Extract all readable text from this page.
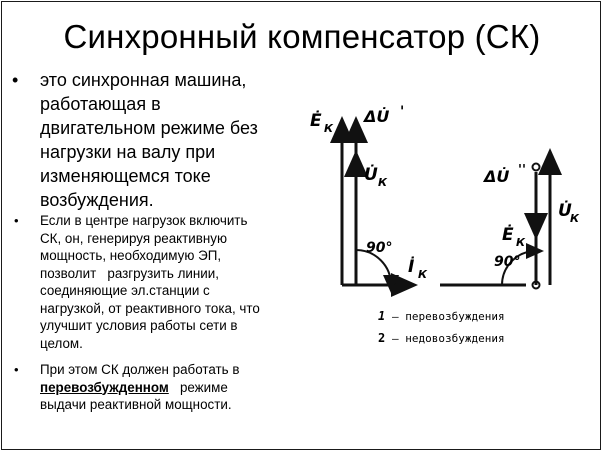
Синхронный компенсатор (СК)
• это синхронная машина,
работающая в
двигательном режиме без
нагрузки на валу при
изменяющемся токе
возбуждения.
• Если в центре нагрузок включить
СК, он, генерируя реактивную
мощность, необходимую ЭП,
позволит   разгрузить линии,
соединяющие эл.станции с
нагрузкой, от реактивного тока, что
улучшит условия работы сети в
целом.
• При этом СК должен работать в
перевозбужденном   режиме
выдачи реактивной мощности.
Ė К
ΔU̇ '
U̇ К
90°
İ К
ΔU̇ ''
U̇
К
Ė К
90°
1 — перевозбуждения
2 — недовозбуждения
